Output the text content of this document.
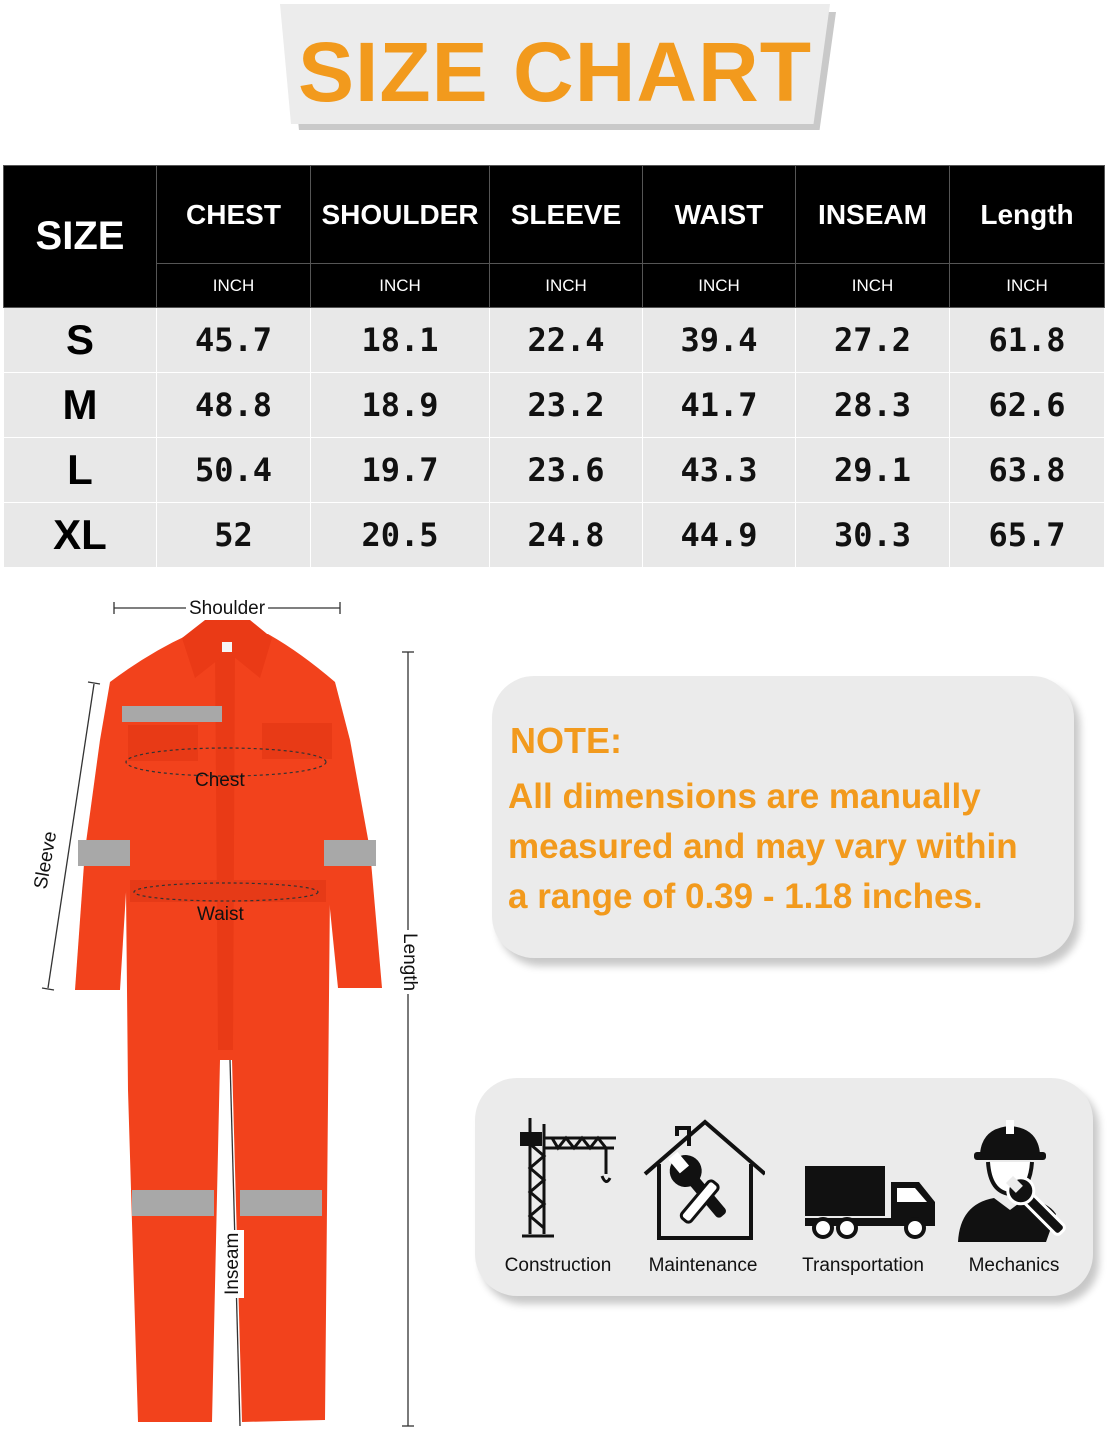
SIZE CHART
SIZE	CHEST	SHOULDER	SLEEVE	WAIST	INSEAM	Length
	INCH	INCH	INCH	INCH	INCH	INCH
S	45.7	18.1	22.4	39.4	27.2	61.8
M	48.8	18.9	23.2	41.7	28.3	62.6
L	50.4	19.7	23.6	43.3	29.1	63.8
XL	52	20.5	24.8	44.9	30.3	65.7
Shoulder
Chest
Waist
Sleeve
Length
Inseam
NOTE:
All dimensions are manually
measured and may vary within
a range of 0.39 - 1.18 inches.
Construction	Maintenance	Transportation	Mechanics
